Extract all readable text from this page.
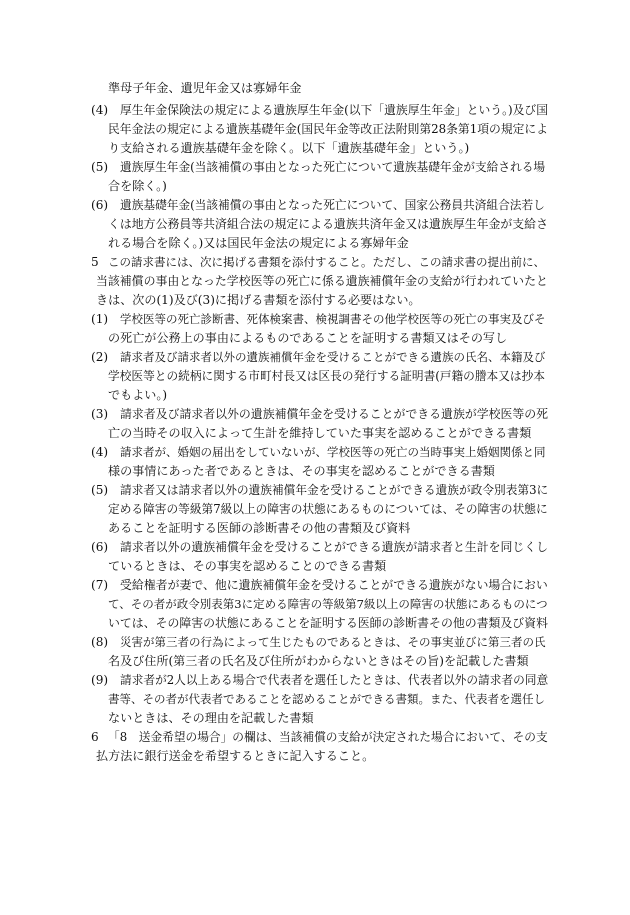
準母子年金、遺児年金又は寡婦年金
(4) 厚生年金保険法の規定による遺族厚生年金(以下「遺族厚生年金」という。)及び国
民年金法の規定による遺族基礎年金(国民年金等改正法附則第28条第1項の規定によ
り支給される遺族基礎年金を除く。以下「遺族基礎年金」という。)
(5) 遺族厚生年金(当該補償の事由となった死亡について遺族基礎年金が支給される場
合を除く。)
(6) 遺族基礎年金(当該補償の事由となった死亡について、国家公務員共済組合法若し
くは地方公務員等共済組合法の規定による遺族共済年金又は遺族厚生年金が支給さ
れる場合を除く。)又は国民年金法の規定による寡婦年金
5 この請求書には、次に掲げる書類を添付すること。ただし、この請求書の提出前に、
当該補償の事由となった学校医等の死亡に係る遺族補償年金の支給が行われていたと
きは、次の(1)及び(3)に掲げる書類を添付する必要はない。
(1) 学校医等の死亡診断書、死体検案書、検視調書その他学校医等の死亡の事実及びそ
の死亡が公務上の事由によるものであることを証明する書類又はその写し
(2) 請求者及び請求者以外の遺族補償年金を受けることができる遺族の氏名、本籍及び
学校医等との続柄に関する市町村長又は区長の発行する証明書(戸籍の謄本又は抄本
でもよい。)
(3) 請求者及び請求者以外の遺族補償年金を受けることができる遺族が学校医等の死
亡の当時その収入によって生計を維持していた事実を認めることができる書類
(4) 請求者が、婚姻の届出をしていないが、学校医等の死亡の当時事実上婚姻関係と同
様の事情にあった者であるときは、その事実を認めることができる書類
(5) 請求者又は請求者以外の遺族補償年金を受けることができる遺族が政令別表第3に
定める障害の等級第7級以上の障害の状態にあるものについては、その障害の状態に
あることを証明する医師の診断書その他の書類及び資料
(6) 請求者以外の遺族補償年金を受けることができる遺族が請求者と生計を同じくし
ているときは、その事実を認めることのできる書類
(7) 受給権者が妻で、他に遺族補償年金を受けることができる遺族がない場合におい
て、その者が政令別表第3に定める障害の等級第7級以上の障害の状態にあるものにつ
いては、その障害の状態にあることを証明する医師の診断書その他の書類及び資料
(8) 災害が第三者の行為によって生じたものであるときは、その事実並びに第三者の氏
名及び住所(第三者の氏名及び住所がわからないときはその旨)を記載した書類
(9) 請求者が2人以上ある場合で代表者を選任したときは、代表者以外の請求者の同意
書等、その者が代表者であることを認めることができる書類。また、代表者を選任し
ないときは、その理由を記載した書類
6 「8　送金希望の場合」の欄は、当該補償の支給が決定された場合において、その支
払方法に銀行送金を希望するときに記入すること。
